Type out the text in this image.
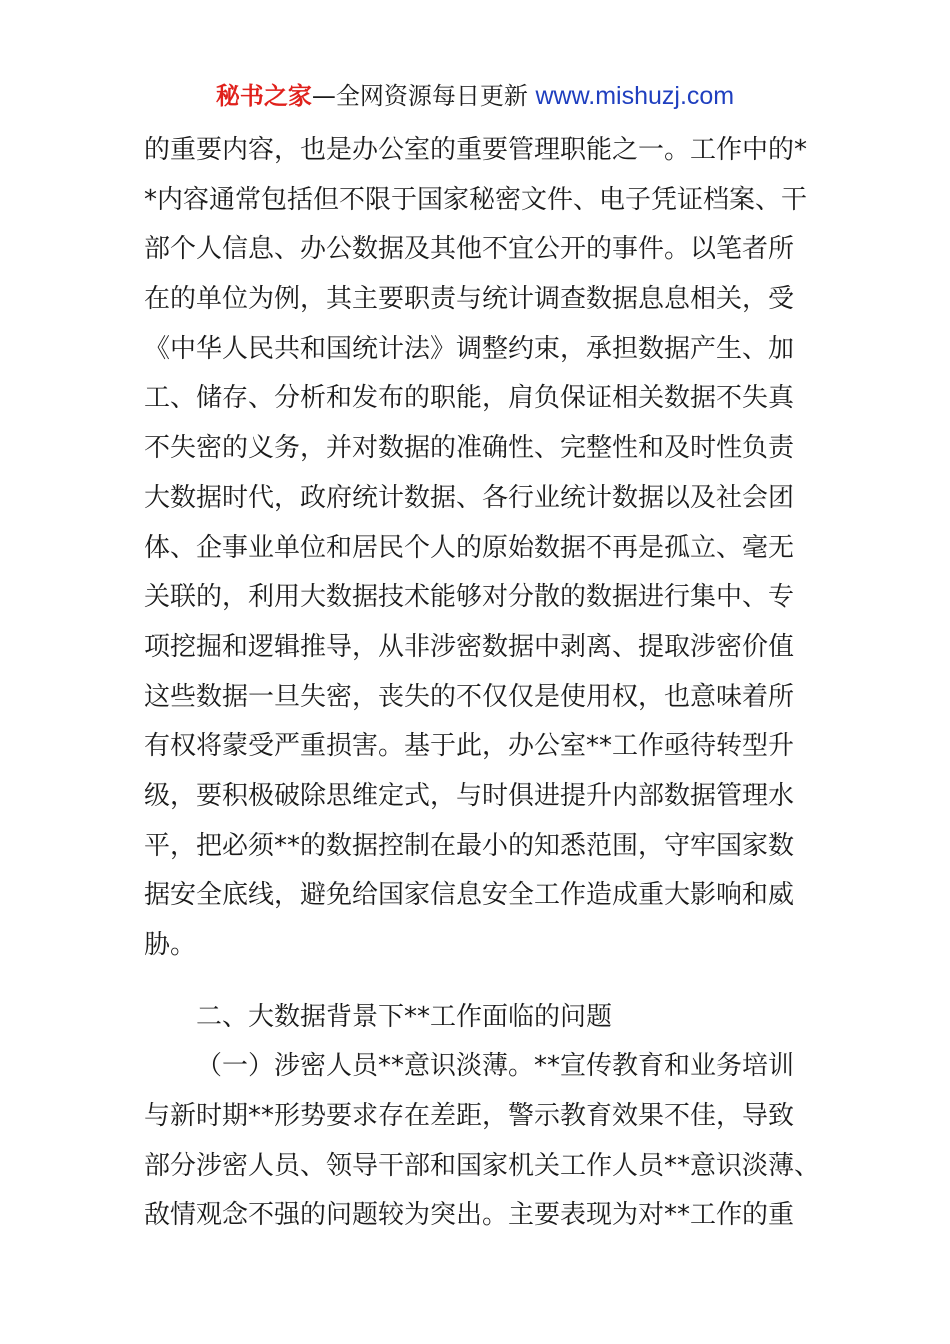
秘书之家—全网资源每日更新 www.mishuzj.com
的重要内容，也是办公室的重要管理职能之一。工作中的*
*内容通常包括但不限于国家秘密文件、电子凭证档案、干
部个人信息、办公数据及其他不宜公开的事件。以笔者所
在的单位为例，其主要职责与统计调查数据息息相关，受
《中华人民共和国统计法》调整约束，承担数据产生、加
工、储存、分析和发布的职能，肩负保证相关数据不失真
不失密的义务，并对数据的准确性、完整性和及时性负责
大数据时代，政府统计数据、各行业统计数据以及社会团
体、企事业单位和居民个人的原始数据不再是孤立、毫无
关联的，利用大数据技术能够对分散的数据进行集中、专
项挖掘和逻辑推导，从非涉密数据中剥离、提取涉密价值
这些数据一旦失密，丧失的不仅仅是使用权，也意味着所
有权将蒙受严重损害。基于此，办公室**工作亟待转型升
级，要积极破除思维定式，与时俱进提升内部数据管理水
平，把必须**的数据控制在最小的知悉范围，守牢国家数
据安全底线，避免给国家信息安全工作造成重大影响和威
胁。
二、大数据背景下**工作面临的问题
（一）涉密人员**意识淡薄。**宣传教育和业务培训
与新时期**形势要求存在差距，警示教育效果不佳，导致
部分涉密人员、领导干部和国家机关工作人员**意识淡薄、
敌情观念不强的问题较为突出。主要表现为对**工作的重
